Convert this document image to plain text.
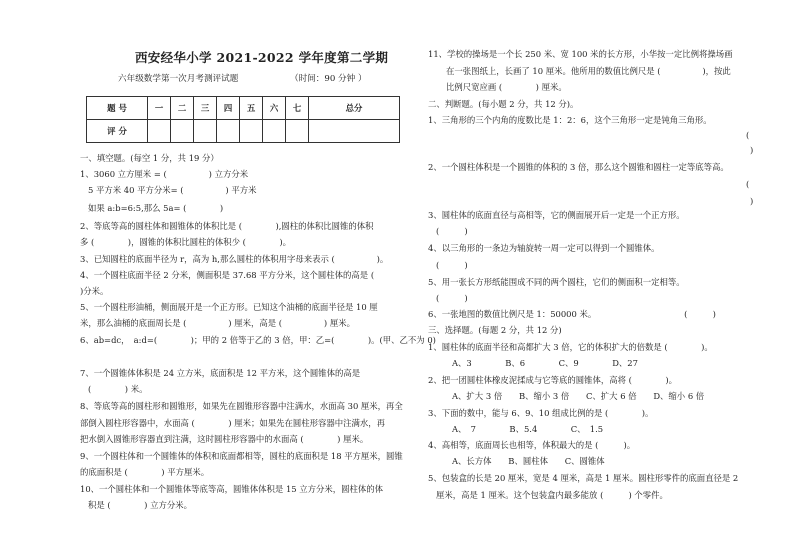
西安经华小学 2021-2022 学年度第二学期
六年级数学第一次月考测评试题	（时间：90 分钟 ）
题 号	一	二	三	四	五	六	七	总分
评 分								
一、填空题。(每空 1 分，共 19 分）
1、3060 立方厘米 = (　　　　　) 立方分米
5 平方米 40 平方分米= (　　　　　) 平方米
如果 a:b=6:5,那么 5a= (　　　　)
2、等底等高的圆柱体和圆锥体的体积比是 (　　　　),圆柱的体积比圆锥的体积
多 (　　　　)，圆锥的体积比圆柱的体积少 (　　　　)。
3、已知圆柱的底面半径为 r，高为 h,那么圆柱的体积用字母来表示 (　　　　　)。
4、一个圆柱底面半径 2 分米，侧面积是 37.68 平方分米，这个圆柱体的高是 (
)分米。
5、一个圆柱形油桶，侧面展开是一个正方形。已知这个油桶的底面半径是 10 厘
米，那么油桶的底面周长是 (　　　　　) 厘米，高是 (　　　　　) 厘米。
6、ab=dc，　a:d=(　　　　)；甲的 2 倍等于乙的 3 倍，甲：乙=(　　　　)。(甲、乙不为 0)
7、一个圆锥体体积是 24 立方米，底面积是 12 平方米，这个圆锥体的高是
(　　　　) 米。
8、等底等高的圆柱形和圆锥形，如果先在圆锥形容器中注满水，水面高 30 厘米，再全
部倒入圆柱形容器中，水面高 (　　　　) 厘米；如果先在圆柱形容器中注满水，再
把水倒入圆锥形容器直到注满，这时圆柱形容器中的水面高 (　　　　) 厘米。
9、一个圆柱体和一个圆锥体的体积和底面都相等，圆柱的底面积是 18 平方厘米，圆锥
的底面积是 (　　　　) 平方厘米。
10、一个圆柱体和一个圆锥体等底等高，圆锥体体积是 15 立方分米，圆柱体的体
积是 (　　　　) 立方分米。
11、学校的操场是一个长 250 米、宽 100 米的长方形，小华按一定比例将操场画
在一张图纸上，长画了 10 厘米。他所用的数值比例尺是 (　　　　　)，按此
比例尺宽应画 (　　　　) 厘米。
二、判断题。(每小题 2 分，共 12 分)。
1、三角形的三个内角的度数比是 1：2：6，这个三角形一定是钝角三角形。
(
)
2、一个圆柱体积是一个圆锥的体积的 3 倍，那么这个圆锥和圆柱一定等底等高。
(
)
3、圆柱体的底面直径与高相等，它的侧面展开后一定是一个正方形。
(　　　)
4、以三角形的一条边为轴旋转一周一定可以得到一个圆锥体。
(　　　)
5、用一张长方形纸能围成不同的两个圆柱，它们的侧面积一定相等。
(　　　)
6、一张地图的数值比例尺是 1：50000 米。　　　　　　　　　　　(　　　)
三、选择题。(每题 2 分，共 12 分)
1、圆柱体的底面半径和高都扩大 3 倍，它的体积扩大的倍数是 (　　　　)。
A、3　　　　B、6　　　　C、9　　　　D、27
2、把一团圆柱体橡皮泥揉成与它等底的圆锥体，高将 (　　　　)。
A、扩大 3 倍　　B、缩小 3 倍　　C、扩大 6 倍　　D、缩小 6 倍
3、下面的数中，能与 6、9、10 组成比例的是 (　　　　)。
A、　7　　　　B、5.4　　　　C、　1.5
4、高相等，底面周长也相等，体积最大的是 (　　　)。
A、长方体　　B、圆柱体　　C、圆锥体
5、包装盒的长是 20 厘米，宽是 4 厘米，高是 1 厘米。圆柱形零件的底面直径是 2
厘米，高是 1 厘米。这个包装盒内最多能放 (　　　) 个零件。
